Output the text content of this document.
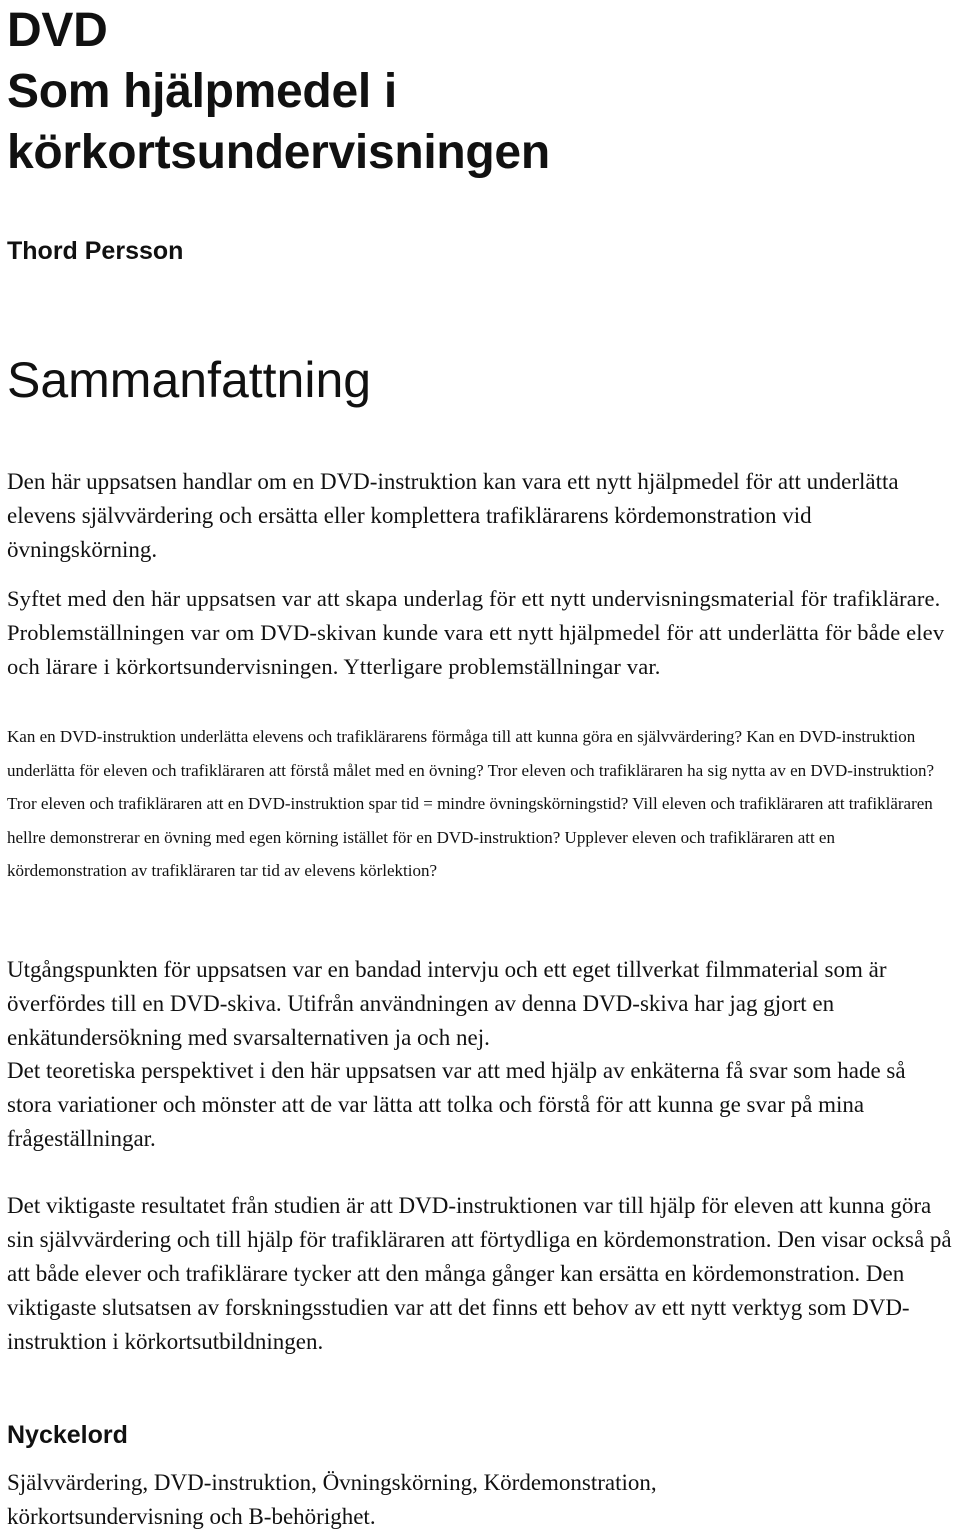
DVD
Som hjälpmedel i
körkortsundervisningen

Thord Persson

Sammanfattning

Den här uppsatsen handlar om en DVD-instruktion kan vara ett nytt hjälpmedel för att underlätta elevens självvärdering och ersätta eller komplettera trafiklärarens kördemonstration vid övningskörning.

Syftet med den här uppsatsen var att skapa underlag för ett nytt undervisningsmaterial för trafiklärare. Problemställningen var om DVD-skivan kunde vara ett nytt hjälpmedel för att underlätta för både elev och lärare i körkortsundervisningen. Ytterligare problemställningar var.

Kan en DVD-instruktion underlätta elevens och trafiklärarens förmåga till att kunna göra en självvärdering? Kan en DVD-instruktion underlätta för eleven och trafikläraren att förstå målet med en övning? Tror eleven och trafikläraren ha sig nytta av en DVD-instruktion? Tror eleven och trafikläraren att en DVD-instruktion spar tid = mindre övningskörningstid? Vill eleven och trafikläraren att trafikläraren hellre demonstrerar en övning med egen körning istället för en DVD-instruktion? Upplever eleven och trafikläraren att en kördemonstration av trafikläraren tar tid av elevens körlektion?

Utgångspunkten för uppsatsen var en bandad intervju och ett eget tillverkat filmmaterial som är överfördes till en DVD-skiva. Utifrån användningen av denna DVD-skiva har jag gjort en enkätundersökning med svarsalternativen ja och nej.

Det teoretiska perspektivet i den här uppsatsen var att med hjälp av enkäterna få svar som hade så stora variationer och mönster att de var lätta att tolka och förstå för att kunna ge svar på mina frågeställningar.

Det viktigaste resultatet från studien är att DVD-instruktionen var till hjälp för eleven att kunna göra sin självvärdering och till hjälp för trafikläraren att förtydliga en kördemonstration. Den visar också på att både elever och trafiklärare tycker att den många gånger kan ersätta en kördemonstration. Den viktigaste slutsatsen av forskningsstudien var att det finns ett behov av ett nytt verktyg som DVD-instruktion i körkortsutbildningen.

Nyckelord

Självvärdering, DVD-instruktion, Övningskörning, Kördemonstration, körkortsundervisning och B-behörighet.
